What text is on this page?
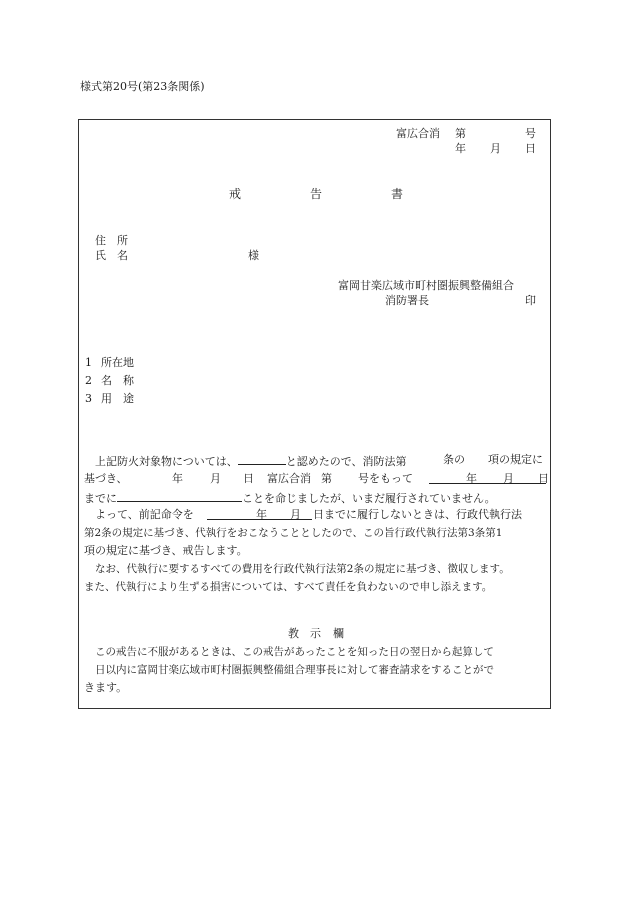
様式第20号(第23条関係)
富広合消 第	号
年 月 日
戒	告	書
住　所
氏　名	様
富岡甘楽広域市町村圏振興整備組合
消防署長	印
1 所在地
2 名　称
3 用　途
上記防火対象物については、	と認めたので、消防法第	条の 項の規定に
基づき、	年 月 日 富広合消 第 号をもって	年 月 日
までに	ことを命じましたが、いまだ履行されていません。
よって、前記命令を	年 月 日までに履行しないときは、行政代執行法
第2条の規定に基づき、代執行をおこなうこととしたので、この旨行政代執行法第3条第1
項の規定に基づき、戒告します。
なお、代執行に要するすべての費用を行政代執行法第2条の規定に基づき、徴収します。
また、代執行により生ずる損害については、すべて責任を負わないので申し添えます。
教 示 欄
この戒告に不服があるときは、この戒告があったことを知った日の翌日から起算して
日以内に富岡甘楽広域市町村圏振興整備組合理事長に対して審査請求をすることがで
きます。
